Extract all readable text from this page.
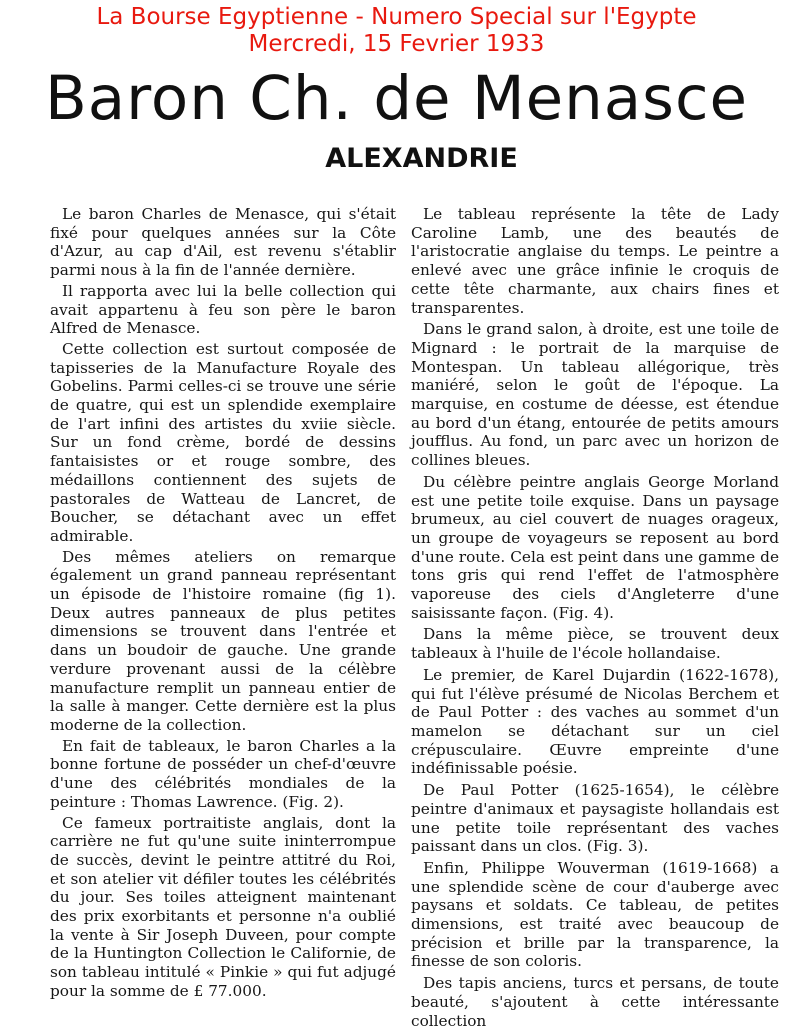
La Bourse Egyptienne - Numero Special sur l'Egypte
Mercredi, 15 Fevrier 1933
Baron Ch. de Menasce
ALEXANDRIE

Le baron Charles de Menasce, qui s'était fixé pour quelques années sur la Côte d'Azur, au cap d'Ail, est revenu s'établir parmi nous à la fin de l'année dernière.

Il rapporta avec lui la belle collection qui avait appartenu à feu son père le baron Alfred de Menasce.

Cette collection est surtout composée de tapisseries de la Manufacture Royale des Gobelins. Parmi celles-ci se trouve une série de quatre, qui est un splendide exemplaire de l'art infini des artistes du xviie siècle. Sur un fond crème, bordé de dessins fantaisistes or et rouge sombre, des médaillons contiennent des sujets de pastorales de Watteau de Lancret, de Boucher, se détachant avec un effet admirable.

Des mêmes ateliers on remarque également un grand panneau représentant un épisode de l'histoire romaine (fig 1). Deux autres panneaux de plus petites dimensions se trouvent dans l'entrée et dans un boudoir de gauche. Une grande verdure provenant aussi de la célèbre manufacture remplit un panneau entier de la salle à manger. Cette dernière est la plus moderne de la collection.

En fait de tableaux, le baron Charles a la bonne fortune de posséder un chef-d'œuvre d'une des célébrités mondiales de la peinture : Thomas Lawrence. (Fig. 2).

Ce fameux portraitiste anglais, dont la carrière ne fut qu'une suite ininterrompue de succès, devint le peintre attitré du Roi, et son atelier vit défiler toutes les célébrités du jour. Ses toiles atteignent maintenant des prix exorbitants et personne n'a oublié la vente à Sir Joseph Duveen, pour compte de la Huntington Collection le Californie, de son tableau intitulé « Pinkie » qui fut adjugé pour la somme de £ 77.000.

Le tableau représente la tête de Lady Caroline Lamb, une des beautés de l'aristocratie anglaise du temps. Le peintre a enlevé avec une grâce infinie le croquis de cette tête charmante, aux chairs fines et transparentes.

Dans le grand salon, à droite, est une toile de Mignard : le portrait de la marquise de Montespan. Un tableau allégorique, très maniéré, selon le goût de l'époque. La marquise, en costume de déesse, est étendue au bord d'un étang, entourée de petits amours joufflus. Au fond, un parc avec un horizon de collines bleues.

Du célèbre peintre anglais George Morland est une petite toile exquise. Dans un paysage brumeux, au ciel couvert de nuages orageux, un groupe de voyageurs se reposent au bord d'une route. Cela est peint dans une gamme de tons gris qui rend l'effet de l'atmosphère vaporeuse des ciels d'Angleterre d'une saisissante façon. (Fig. 4).

Dans la même pièce, se trouvent deux tableaux à l'huile de l'école hollandaise.

Le premier, de Karel Dujardin (1622-1678), qui fut l'élève présumé de Nicolas Berchem et de Paul Potter : des vaches au sommet d'un mamelon se détachant sur un ciel crépusculaire. Œuvre empreinte d'une indéfinissable poésie.

De Paul Potter (1625-1654), le célèbre peintre d'animaux et paysagiste hollandais est une petite toile représentant des vaches paissant dans un clos. (Fig. 3).

Enfin, Philippe Wouverman (1619-1668) a une splendide scène de cour d'auberge avec paysans et soldats. Ce tableau, de petites dimensions, est traité avec beaucoup de précision et brille par la transparence, la finesse de son coloris.

Des tapis anciens, turcs et persans, de toute beauté, s'ajoutent à cette intéressante collection
